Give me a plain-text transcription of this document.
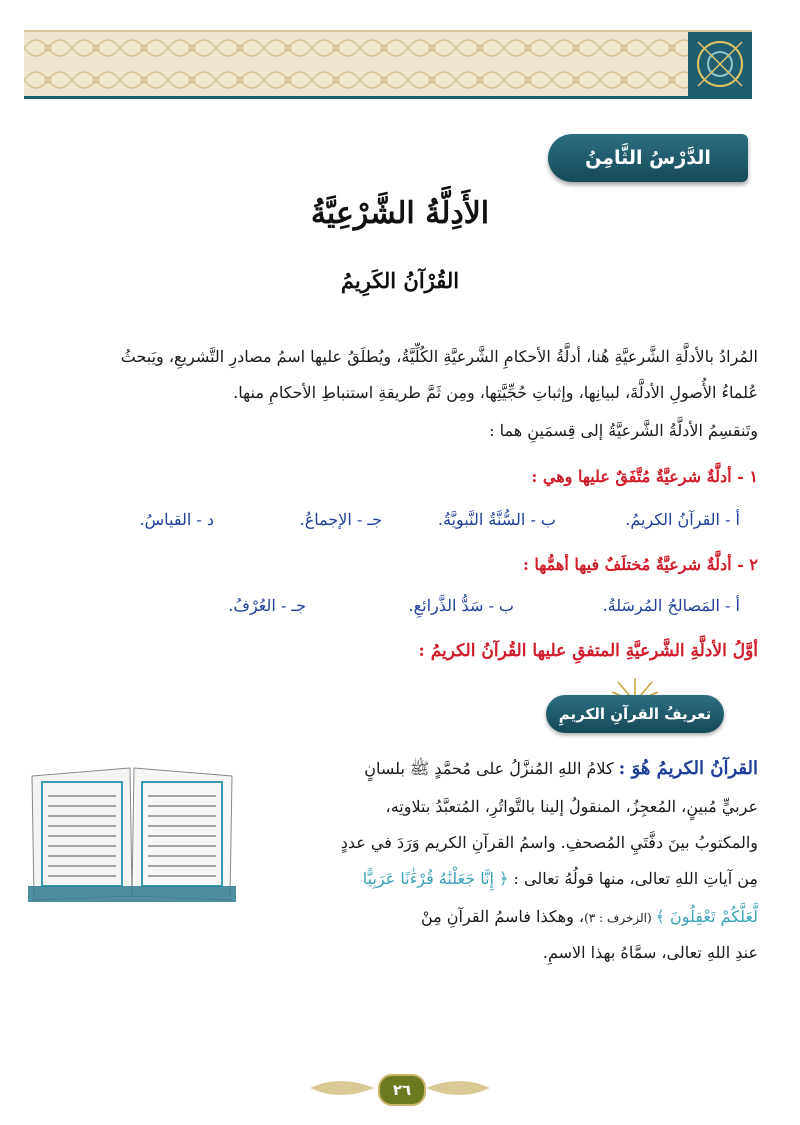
الدَّرْسُ الثَّامِنُ
الأَدِلَّةُ الشَّرْعِيَّةُ
القُرْآنُ الكَرِيمُ
المُرادُ بالأدلَّةِ الشَّرعيَّةِ هُنا، أدلَّةُ الأحكامِ الشَّرعيَّةِ الكُلِّيَّةُ، ويُطلَقُ عليها اسمُ مصادرِ التَّشريعِ، ويَبحثُ
عُلماءُ الأُصولِ الأدلَّةَ، لبيانِها، وإثباتِ حُجِّيَّتِها، ومِن ثَمَّ طريقةِ استنباطِ الأحكامِ منها.
وتَنقسِمُ الأدلَّةُ الشَّرعيَّةُ إلى قِسمَينِ هما :
١ - أدلَّةٌ شرعيَّةٌ مُتَّفَقٌ عليها وهي :
أ - القرآنُ الكريمُ.
ب - السُّنَّةُ النَّبويَّةُ.
جـ - الإجماعُ.
د - القياسُ.
٢ - أدلَّةٌ شرعيَّةٌ مُختلَفٌ فيها أهمُّها :
أ - المَصالحُ المُرسَلةُ.
ب - سَدُّ الذَّرائعِ.
جـ - العُرْفُ.
أوَّلُ الأدلَّةِ الشَّرعيَّةِ المتفقِ عليها القُرآنُ الكريمُ :
تعريفُ القرآنِ الكريمِ
القرآنُ الكريمُ هُوَ : كلامُ اللهِ المُنزَّلُ على مُحمَّدٍ ﷺ بلسانٍ
عربيٍّ مُبينٍ، المُعجِزُ، المنقولُ إلينا بالتَّواتُرِ، المُتعبَّدُ بتلاوتِه،
والمكتوبُ بينَ دفَّتَيِ المُصحفِ. واسمُ القرآنِ الكريم وَرَدَ في عددٍ
مِن آياتِ اللهِ تعالى، منها قولُهُ تعالى : ﴿ إِنَّا جَعَلْنَٰهُ قُرْءَٰنًا عَرَبِيًّا
لَّعَلَّكُمْ تَعْقِلُونَ ﴾ (الزخرف : ٣)، وهكذا فاسمُ القرآنِ مِنْ
عندِ اللهِ تعالى، سمَّاهُ بهذا الاسمِ.
٢٦
